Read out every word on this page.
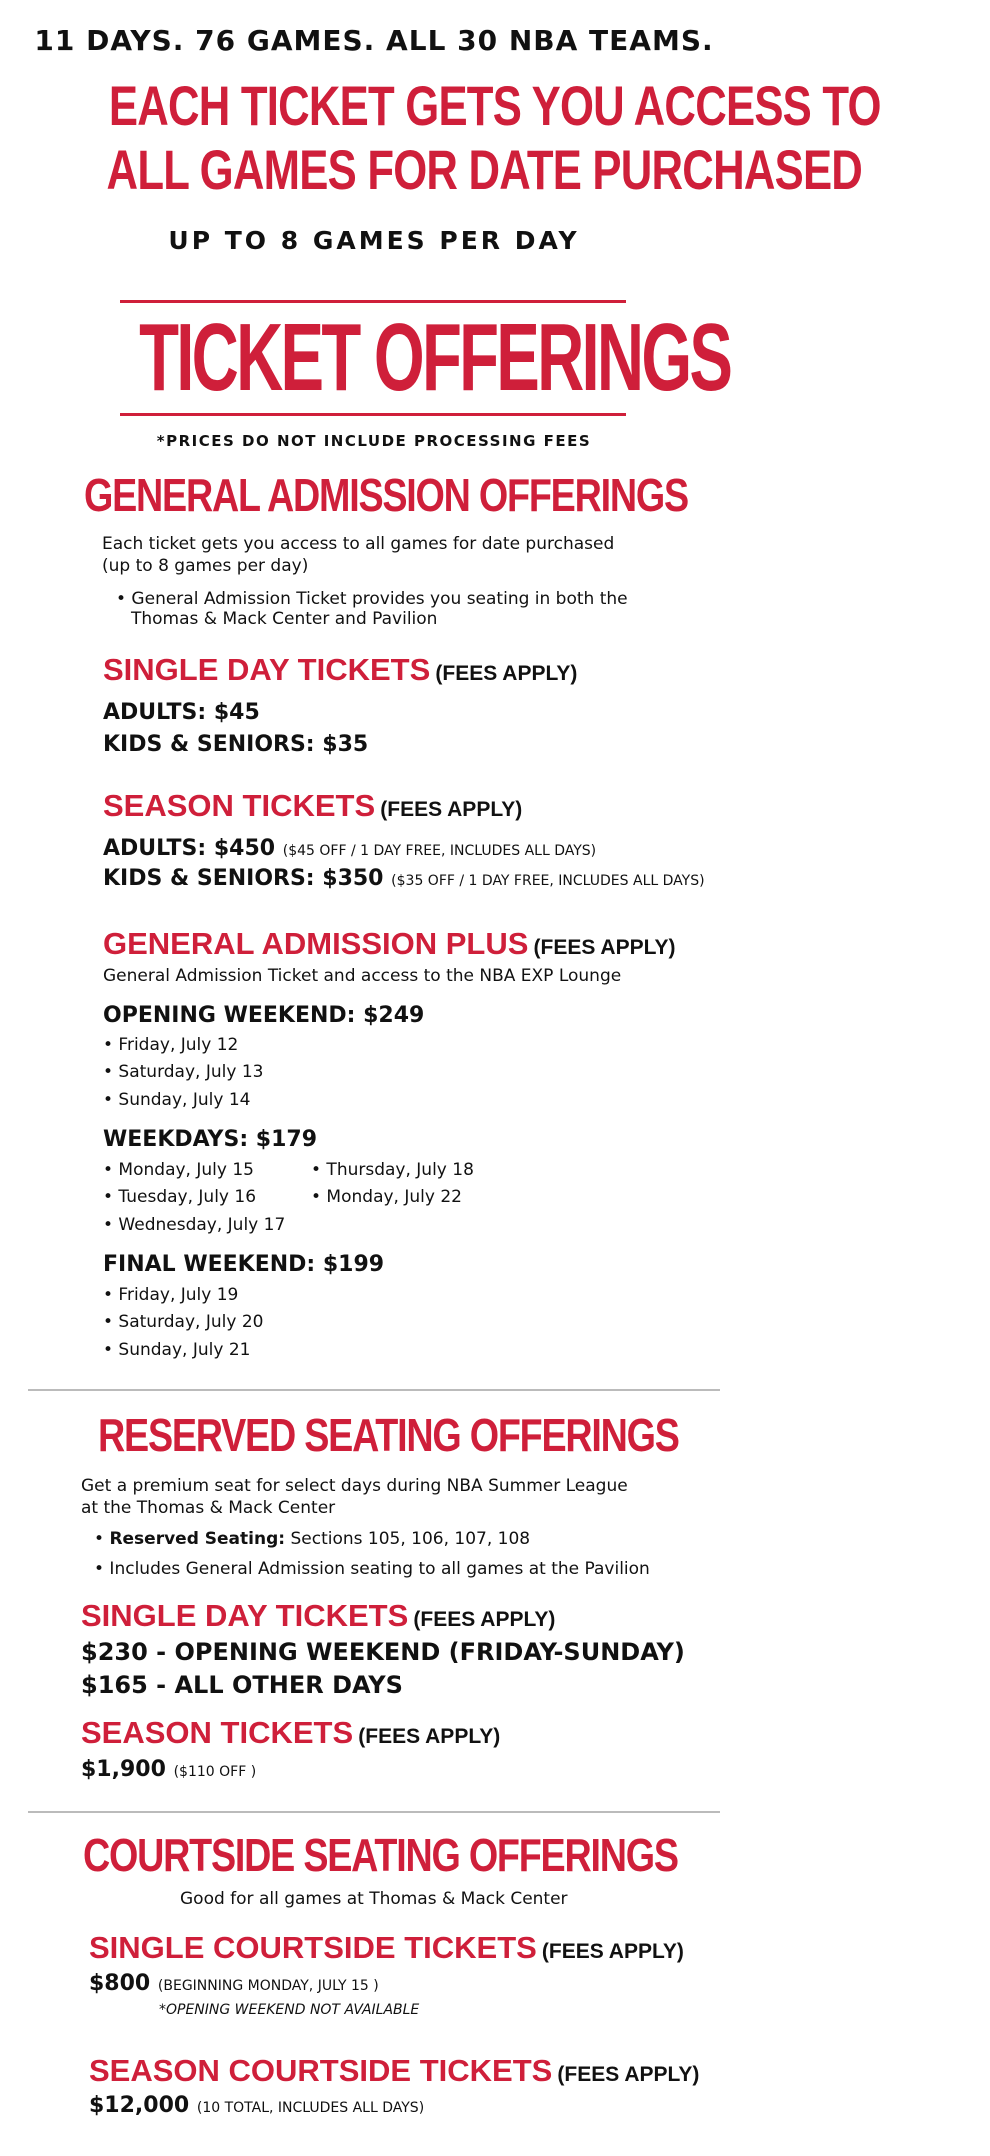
11 DAYS. 76 GAMES. ALL 30 NBA TEAMS.
EACH TICKET GETS YOU ACCESS TO
ALL GAMES FOR DATE PURCHASED
UP TO 8 GAMES PER DAY
TICKET OFFERINGS
*PRICES DO NOT INCLUDE PROCESSING FEES
GENERAL ADMISSION OFFERINGS
Each ticket gets you access to all games for date purchased
(up to 8 games per day)
• General Admission Ticket provides you seating in both the
Thomas & Mack Center and Pavilion
SINGLE DAY TICKETS (FEES APPLY)
ADULTS: $45
KIDS & SENIORS: $35
SEASON TICKETS (FEES APPLY)
ADULTS: $450 ($45 OFF / 1 DAY FREE, INCLUDES ALL DAYS)
KIDS & SENIORS: $350 ($35 OFF / 1 DAY FREE, INCLUDES ALL DAYS)
GENERAL ADMISSION PLUS (FEES APPLY)
General Admission Ticket and access to the NBA EXP Lounge
OPENING WEEKEND: $249
• Friday, July 12
• Saturday, July 13
• Sunday, July 14
WEEKDAYS: $179
• Monday, July 15
• Tuesday, July 16
• Wednesday, July 17
• Thursday, July 18
• Monday, July 22
FINAL WEEKEND: $199
• Friday, July 19
• Saturday, July 20
• Sunday, July 21
RESERVED SEATING OFFERINGS
Get a premium seat for select days during NBA Summer League
at the Thomas & Mack Center
• Reserved Seating: Sections 105, 106, 107, 108
• Includes General Admission seating to all games at the Pavilion
SINGLE DAY TICKETS (FEES APPLY)
$230 - OPENING WEEKEND (FRIDAY-SUNDAY)
$165 - ALL OTHER DAYS
SEASON TICKETS (FEES APPLY)
$1,900 ($110 OFF )
COURTSIDE SEATING OFFERINGS
Good for all games at Thomas & Mack Center
SINGLE COURTSIDE TICKETS (FEES APPLY)
$800 (BEGINNING MONDAY, JULY 15 )
*OPENING WEEKEND NOT AVAILABLE
SEASON COURTSIDE TICKETS (FEES APPLY)
$12,000 (10 TOTAL, INCLUDES ALL DAYS)
